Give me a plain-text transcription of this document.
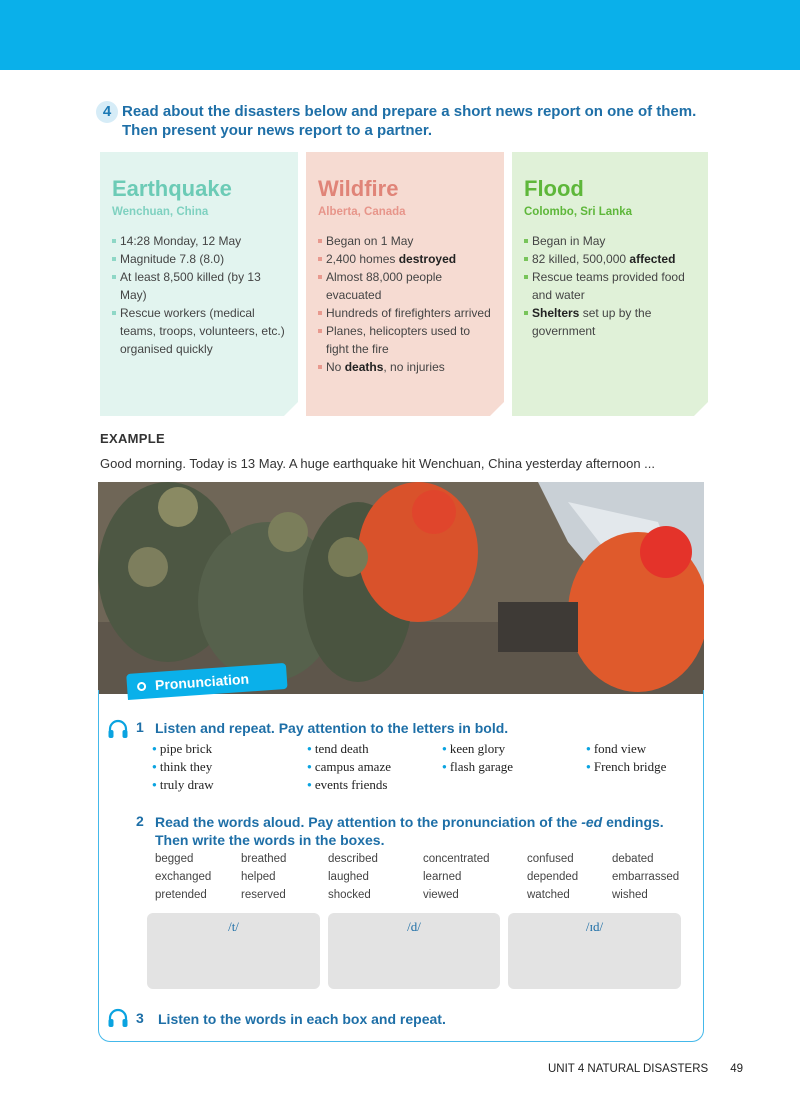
4 Read about the disasters below and prepare a short news report on one of them. Then present your news report to a partner.
Earthquake
Wenchuan, China
14:28 Monday, 12 May
Magnitude 7.8 (8.0)
At least 8,500 killed (by 13 May)
Rescue workers (medical teams, troops, volunteers, etc.) organised quickly
Wildfire
Alberta, Canada
Began on 1 May
2,400 homes destroyed
Almost 88,000 people evacuated
Hundreds of firefighters arrived
Planes, helicopters used to fight the fire
No deaths, no injuries
Flood
Colombo, Sri Lanka
Began in May
82 killed, 500,000 affected
Rescue teams provided food and water
Shelters set up by the government
EXAMPLE
Good morning. Today is 13 May. A huge earthquake hit Wenchuan, China yesterday afternoon ...
Pronunciation
1 Listen and repeat. Pay attention to the letters in bold.
● pipe brick
● think they
● truly draw
● tend death
● campus amaze
● events friends
● keen glory
● flash garage
● fond view
● French bridge
2 Read the words aloud. Pay attention to the pronunciation of the -ed endings. Then write the words in the boxes.
begged	breathed	described	concentrated	confused	debated
exchanged	helped	laughed	learned	depended	embarrassed
pretended	reserved	shocked	viewed	watched	wished
/t/	/d/	/ɪd/
3 Listen to the words in each box and repeat.
UNIT 4 NATURAL DISASTERS 49
